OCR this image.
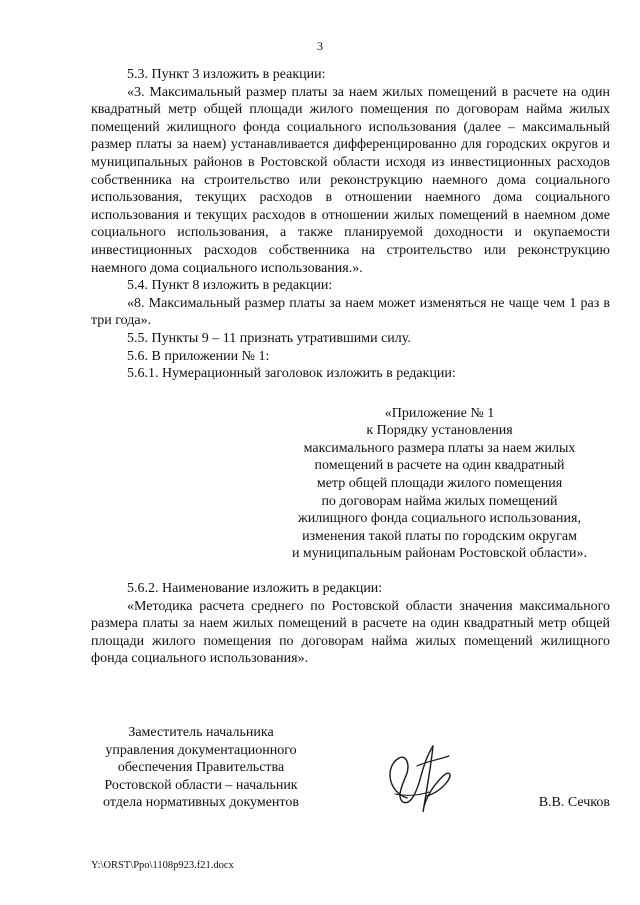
3

5.3. Пункт 3 изложить в реакции:

«3. Максимальный размер платы за наем жилых помещений в расчете на один квадратный метр общей площади жилого помещения по договорам найма жилых помещений жилищного фонда социального использования (далее – максимальный размер платы за наем) устанавливается дифференцированно для городских округов и муниципальных районов в Ростовской области исходя из инвестиционных расходов собственника на строительство или реконструкцию наемного дома социального использования, текущих расходов в отношении наемного дома социального использования и текущих расходов в отношении жилых помещений в наемном доме социального использования, а также планируемой доходности и окупаемости инвестиционных расходов собственника на строительство или реконструкцию наемного дома социального использования.».

5.4. Пункт 8 изложить в редакции:

«8. Максимальный размер платы за наем может изменяться не чаще чем 1 раз в три года».

5.5. Пункты 9 – 11 признать утратившими силу.

5.6. В приложении № 1:

5.6.1. Нумерационный заголовок изложить в редакции:

«Приложение № 1
к Порядку установления
максимального размера платы за наем жилых
помещений в расчете на один квадратный
метр общей площади жилого помещения
по договорам найма жилых помещений
жилищного фонда социального использования,
изменения такой платы по городским округам
и муниципальным районам Ростовской области».

5.6.2. Наименование изложить в редакции:

«Методика расчета среднего по Ростовской области значения максимального размера платы за наем жилых помещений в расчете на один квадратный метр общей площади жилого помещения по договорам найма жилых помещений жилищного фонда социального использования».

Заместитель начальника
управления документационного
обеспечения Правительства
Ростовской области – начальник
отдела нормативных документов	В.В. Сечков
Y:\ORST\Ppo\1108p923.f21.docx
